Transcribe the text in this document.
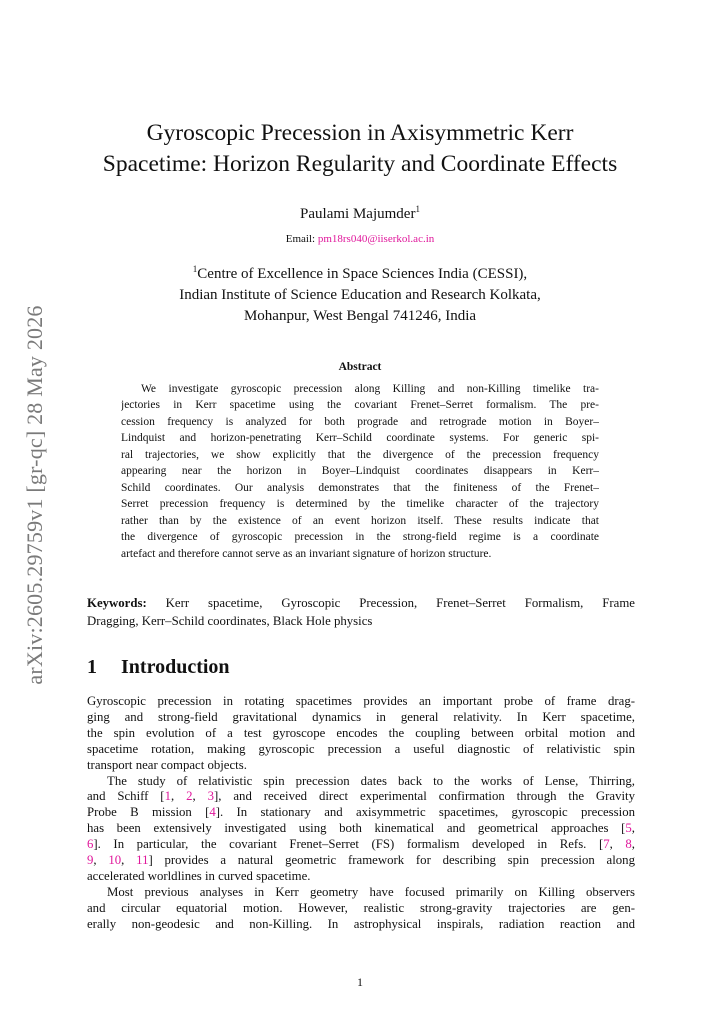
arXiv:2605.29759v1 [gr-qc] 28 May 2026
Gyroscopic Precession in Axisymmetric Kerr
Spacetime: Horizon Regularity and Coordinate Effects
Paulami Majumder$^1$
Email: pm18rs040@iiserkol.ac.in
$^1$Centre of Excellence in Space Sciences India (CESSI),
Indian Institute of Science Education and Research Kolkata,
Mohanpur, West Bengal 741246, India
Abstract
We investigate gyroscopic precession along Killing and non-Killing timelike tra-
jectories in Kerr spacetime using the covariant Frenet–Serret formalism. The pre-
cession frequency is analyzed for both prograde and retrograde motion in Boyer–
Lindquist and horizon-penetrating Kerr–Schild coordinate systems. For generic spi-
ral trajectories, we show explicitly that the divergence of the precession frequency
appearing near the horizon in Boyer–Lindquist coordinates disappears in Kerr–
Schild coordinates. Our analysis demonstrates that the finiteness of the Frenet–
Serret precession frequency is determined by the timelike character of the trajectory
rather than by the existence of an event horizon itself. These results indicate that
the divergence of gyroscopic precession in the strong-field regime is a coordinate
artefact and therefore cannot serve as an invariant signature of horizon structure.
Keywords: Kerr spacetime, Gyroscopic Precession, Frenet–Serret Formalism, Frame
Dragging, Kerr–Schild coordinates, Black Hole physics
1 Introduction
Gyroscopic precession in rotating spacetimes provides an important probe of frame drag-
ging and strong-field gravitational dynamics in general relativity. In Kerr spacetime,
the spin evolution of a test gyroscope encodes the coupling between orbital motion and
spacetime rotation, making gyroscopic precession a useful diagnostic of relativistic spin
transport near compact objects.
The study of relativistic spin precession dates back to the works of Lense, Thirring,
and Schiff [1, 2, 3], and received direct experimental confirmation through the Gravity
Probe B mission [4]. In stationary and axisymmetric spacetimes, gyroscopic precession
has been extensively investigated using both kinematical and geometrical approaches [5,
6]. In particular, the covariant Frenet–Serret (FS) formalism developed in Refs. [7, 8,
9, 10, 11] provides a natural geometric framework for describing spin precession along
accelerated worldlines in curved spacetime.
Most previous analyses in Kerr geometry have focused primarily on Killing observers
and circular equatorial motion. However, realistic strong-gravity trajectories are gen-
erally non-geodesic and non-Killing. In astrophysical inspirals, radiation reaction and
1
